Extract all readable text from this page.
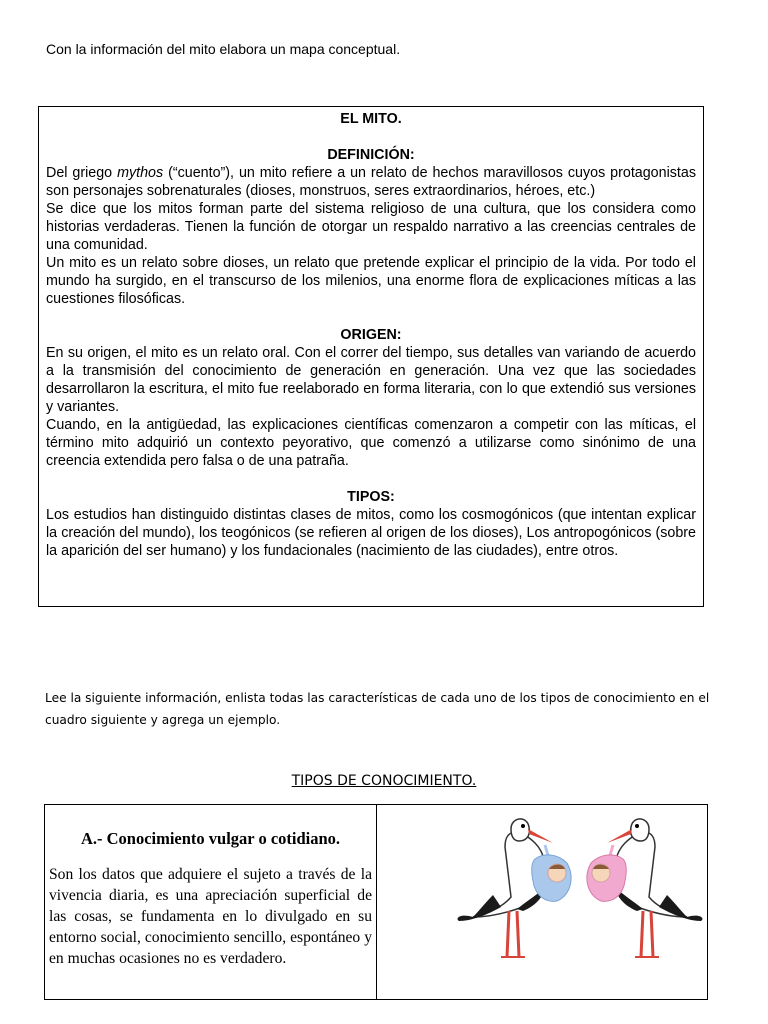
Con la información del mito elabora un mapa conceptual.
EL MITO.
DEFINICIÓN:

Del griego mythos (“cuento”), un mito refiere a un relato de hechos maravillosos cuyos protagonistas son personajes sobrenaturales (dioses, monstruos, seres extraordinarios, héroes, etc.)

Se dice que los mitos forman parte del sistema religioso de una cultura, que los considera como historias verdaderas. Tienen la función de otorgar un respaldo narrativo a las creencias centrales de una comunidad.

Un mito es un relato sobre dioses, un relato que pretende explicar el principio de la vida. Por todo el mundo ha surgido, en el transcurso de los milenios, una enorme flora de explicaciones míticas a las cuestiones filosóficas.

ORIGEN:

En su origen, el mito es un relato oral. Con el correr del tiempo, sus detalles van variando de acuerdo a la transmisión del conocimiento de generación en generación. Una vez que las sociedades desarrollaron la escritura, el mito fue reelaborado en forma literaria, con lo que extendió sus versiones y variantes.

Cuando, en la antigüedad, las explicaciones científicas comenzaron a competir con las míticas, el término mito adquirió un contexto peyorativo, que comenzó a utilizarse como sinónimo de una creencia extendida pero falsa o de una patraña.

TIPOS:

Los estudios han distinguido distintas clases de mitos, como los cosmogónicos (que intentan explicar la creación del mundo), los teogónicos (se refieren al origen de los dioses), Los antropogónicos (sobre la aparición del ser humano) y los fundacionales (nacimiento de las ciudades), entre otros.

Lee la siguiente información, enlista todas las características de cada uno de los tipos de conocimiento en el cuadro siguiente y agrega un ejemplo.
TIPOS DE CONOCIMIENTO.
A.- Conocimiento vulgar o cotidiano.
Son los datos que adquiere el sujeto a través de la vivencia diaria, es una apreciación superficial de las cosas, se fundamenta en lo divulgado en su entorno social, conocimiento sencillo, espontáneo y en muchas ocasiones no es verdadero.
